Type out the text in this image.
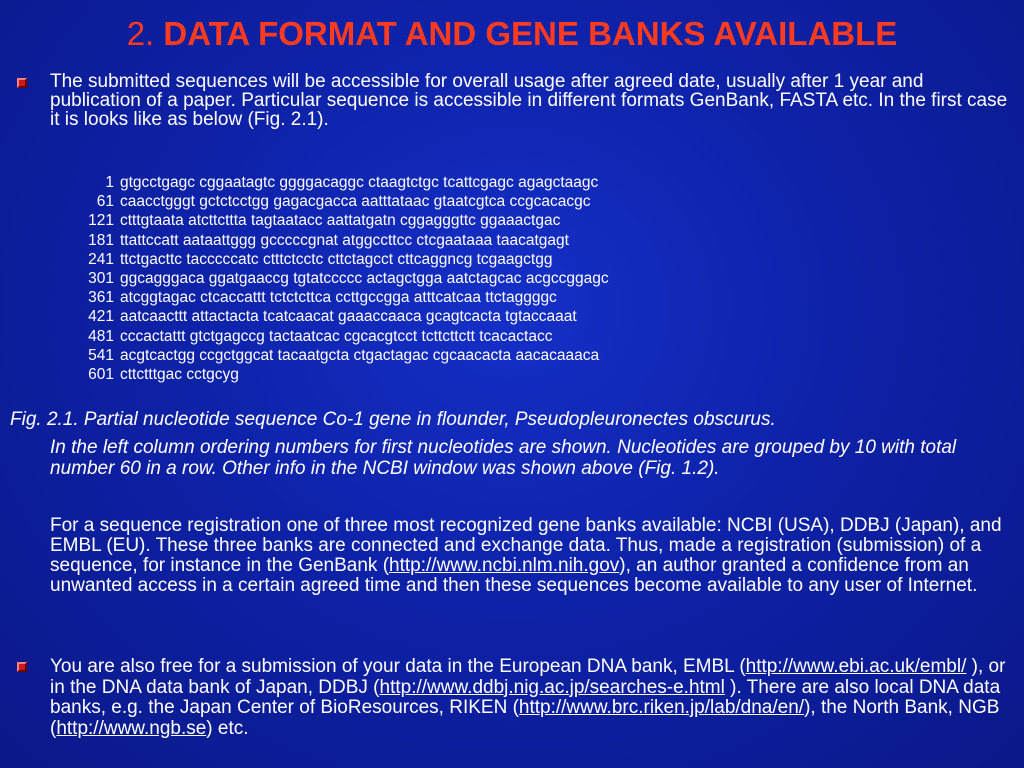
2. DATA FORMAT AND GENE BANKS AVAILABLE
The submitted sequences will be accessible for overall usage after agreed date, usually after 1 year and publication of a paper. Particular sequence is accessible in different formats GenBank, FASTA etc. In the first case it is looks like as below (Fig. 2.1).
1 gtgcctgagc cggaatagtc ggggacaggc ctaagtctgc tcattcgagc agagctaagc
61 caacctgggt gctctcctgg gagacgacca aatttataac gtaatcgtca ccgcacacgc
121 ctttgtaata atcttcttta tagtaatacc aattatgatn cggagggttc ggaaactgac
181 ttattccatt aataattggg gcccccgnat atggccttcc ctcgaataaa taacatgagt
241 ttctgacttc tacccccatc ctttctcctc cttctagcct cttcaggncg tcgaagctgg
301 ggcagggaca ggatgaaccg tgtatccccc actagctgga aatctagcac acgccggagc
361 atcggtagac ctcaccattt tctctcttca ccttgccgga atttcatcaa ttctaggggc
421 aatcaacttt attactacta tcatcaacat gaaaccaaca gcagtcacta tgtaccaaat
481 cccactattt gtctgagccg tactaatcac cgcacgtcct tcttcttctt tcacactacc
541 acgtcactgg ccgctggcat tacaatgcta ctgactagac cgcaacacta aacacaaaca
601 cttctttgac cctgcyg
Fig. 2.1. Partial nucleotide sequence Co-1 gene in flounder, Pseudopleuronectes obscurus.
In the left column ordering numbers for first nucleotides are shown. Nucleotides are grouped by 10 with total number 60 in a row. Other info in the NCBI window was shown above (Fig. 1.2).
For a sequence registration one of three most recognized gene banks available: NCBI (USA), DDBJ (Japan), and EMBL (EU). These three banks are connected and exchange data. Thus, made a registration (submission) of a sequence, for instance in the GenBank (http://www.ncbi.nlm.nih.gov), an author granted a confidence from an unwanted access in a certain agreed time and then these sequences become available to any user of Internet.
You are also free for a submission of your data in the European DNA bank, EMBL (http://www.ebi.ac.uk/embl/ ), or in the DNA data bank of Japan, DDBJ (http://www.ddbj.nig.ac.jp/searches-e.html ). There are also local DNA data banks, e.g. the Japan Center of BioResources, RIKEN (http://www.brc.riken.jp/lab/dna/en/), the North Bank, NGB (http://www.ngb.se) etc.
